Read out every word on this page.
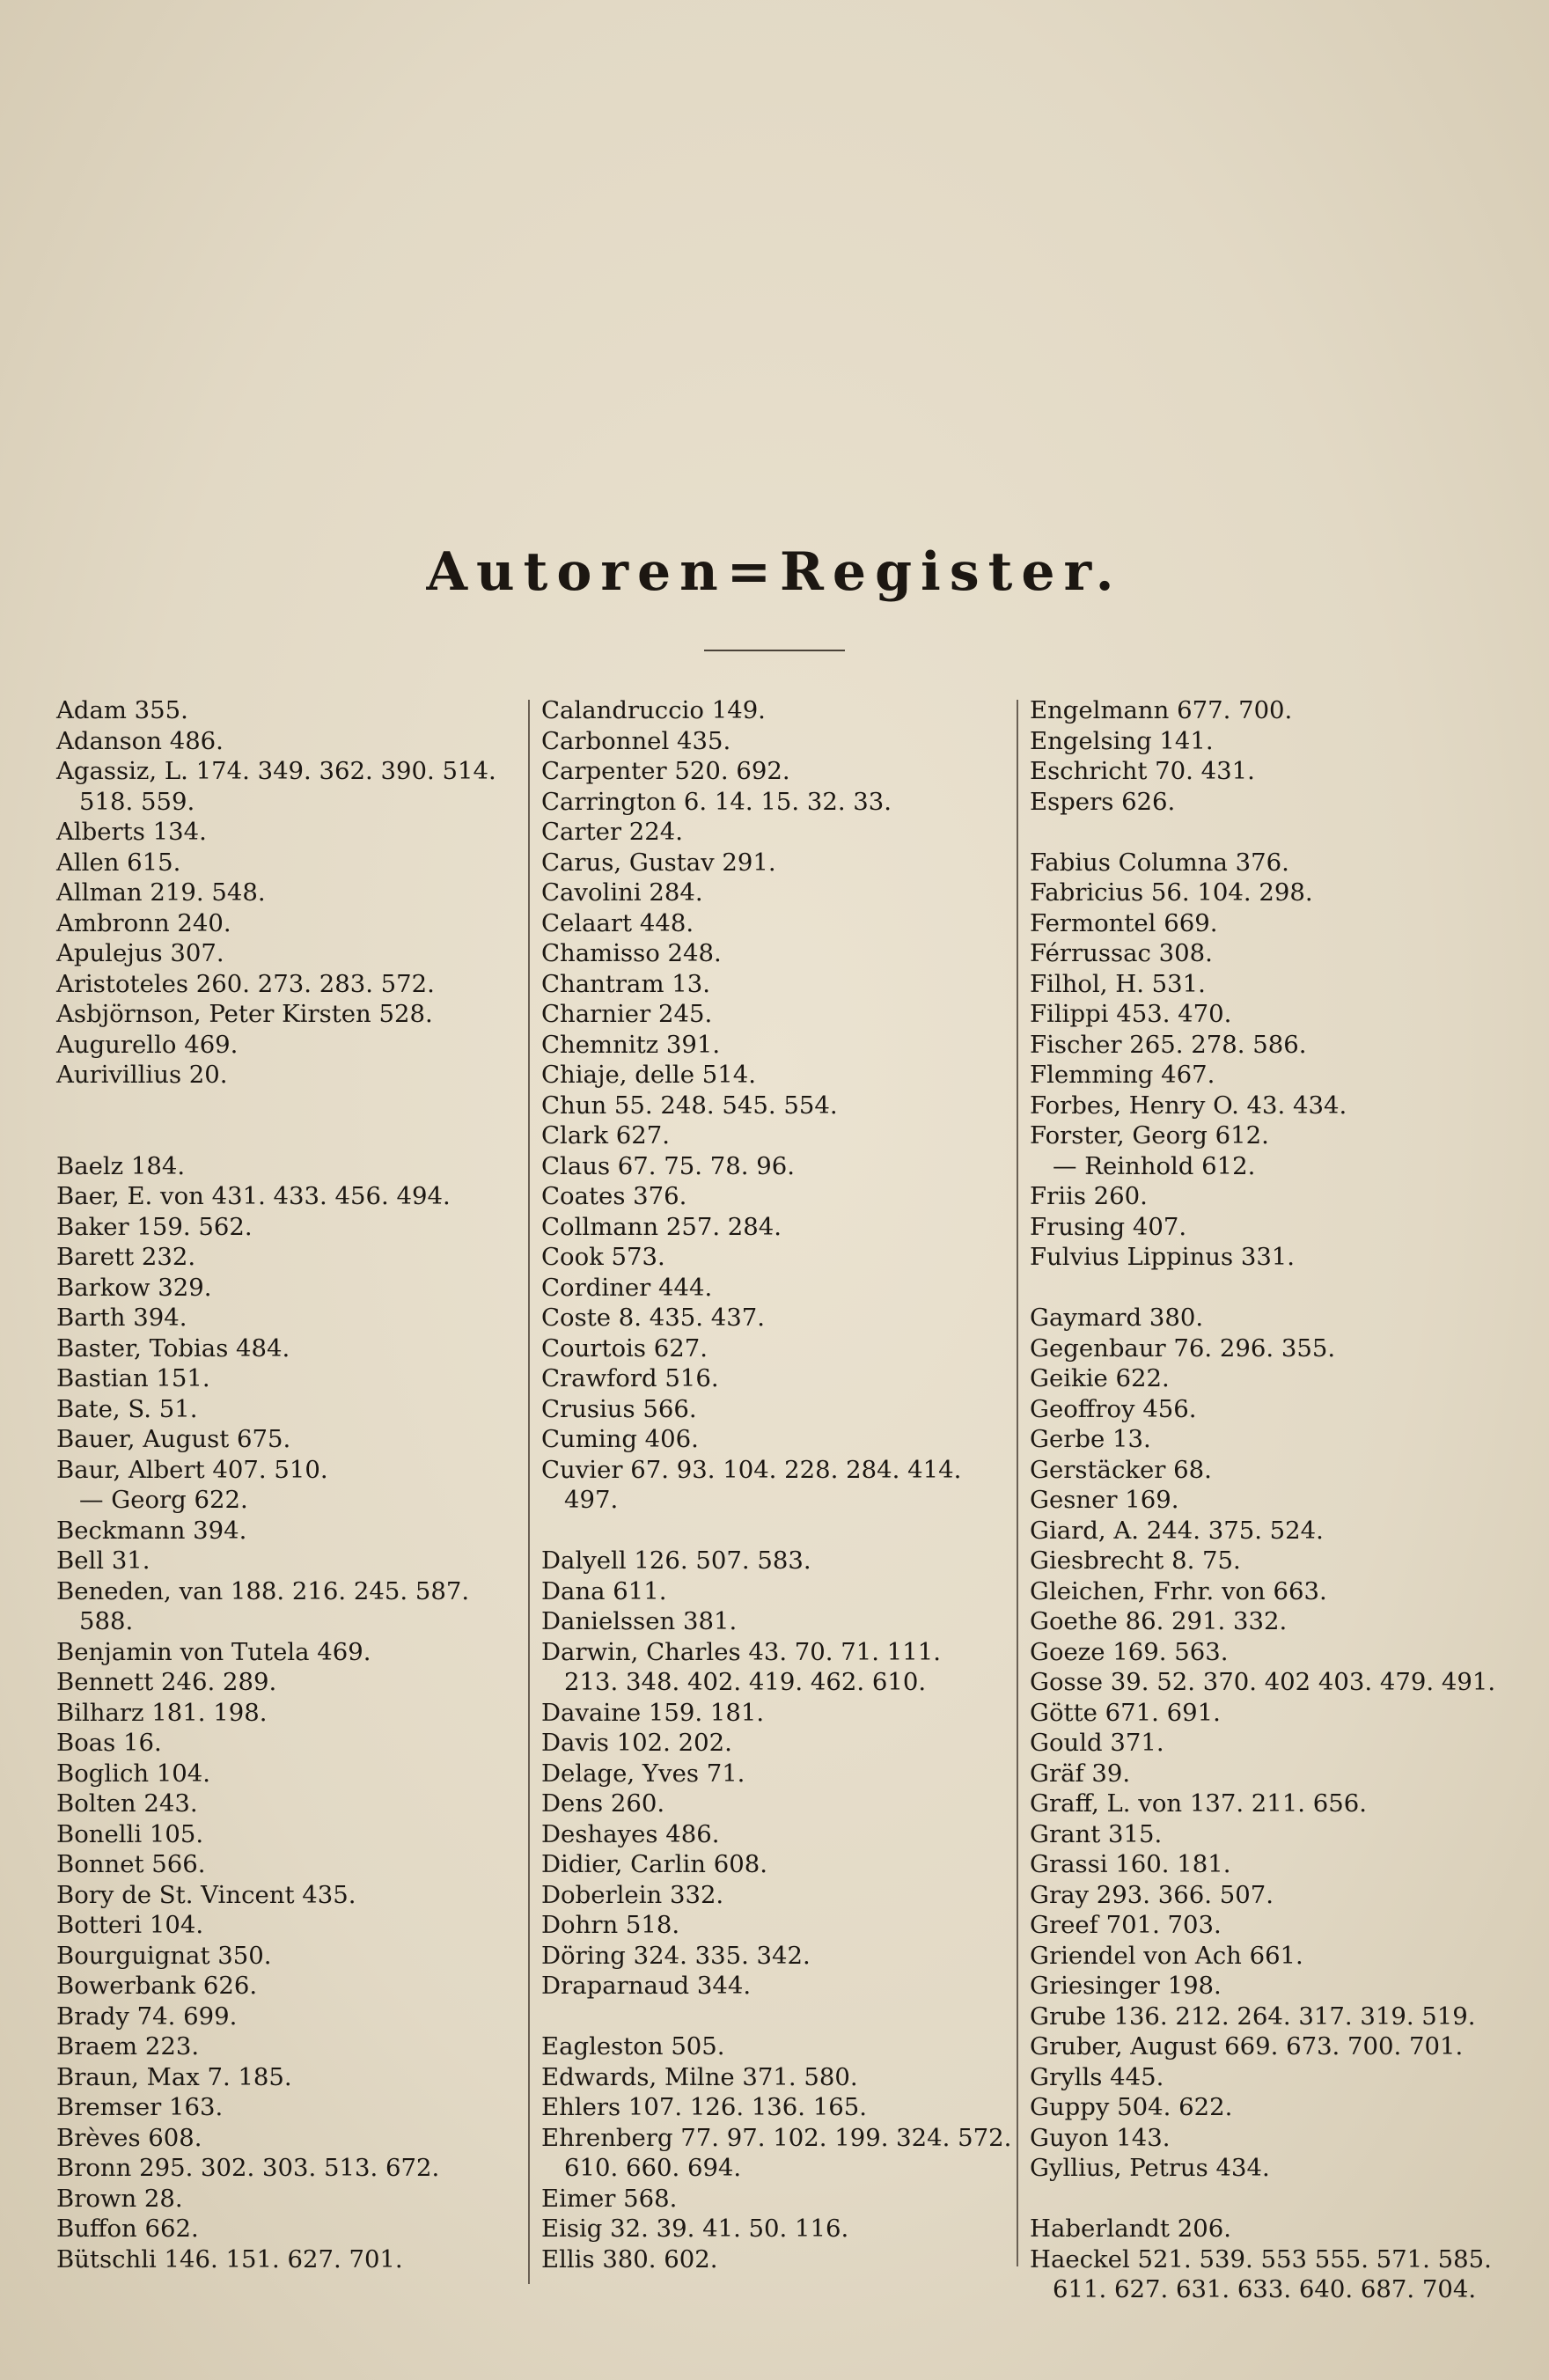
Autoren=Register.
Adam 355.
Adanson 486.
Agassiz, L. 174. 349. 362. 390. 514.
518. 559.
Alberts 134.
Allen 615.
Allman 219. 548.
Ambronn 240.
Apulejus 307.
Aristoteles 260. 273. 283. 572.
Asbjörnson, Peter Kirsten 528.
Augurello 469.
Aurivillius 20.
Baelz 184.
Baer, E. von 431. 433. 456. 494.
Baker 159. 562.
Barett 232.
Barkow 329.
Barth 394.
Baster, Tobias 484.
Bastian 151.
Bate, S. 51.
Bauer, August 675.
Baur, Albert 407. 510.
— Georg 622.
Beckmann 394.
Bell 31.
Beneden, van 188. 216. 245. 587.
588.
Benjamin von Tutela 469.
Bennett 246. 289.
Bilharz 181. 198.
Boas 16.
Boglich 104.
Bolten 243.
Bonelli 105.
Bonnet 566.
Bory de St. Vincent 435.
Botteri 104.
Bourguignat 350.
Bowerbank 626.
Brady 74. 699.
Braem 223.
Braun, Max 7. 185.
Bremser 163.
Brèves 608.
Bronn 295. 302. 303. 513. 672.
Brown 28.
Buffon 662.
Bütschli 146. 151. 627. 701.
Calandruccio 149.
Carbonnel 435.
Carpenter 520. 692.
Carrington 6. 14. 15. 32. 33.
Carter 224.
Carus, Gustav 291.
Cavolini 284.
Celaart 448.
Chamisso 248.
Chantram 13.
Charnier 245.
Chemnitz 391.
Chiaje, delle 514.
Chun 55. 248. 545. 554.
Clark 627.
Claus 67. 75. 78. 96.
Coates 376.
Collmann 257. 284.
Cook 573.
Cordiner 444.
Coste 8. 435. 437.
Courtois 627.
Crawford 516.
Crusius 566.
Cuming 406.
Cuvier 67. 93. 104. 228. 284. 414.
497.
Dalyell 126. 507. 583.
Dana 611.
Danielssen 381.
Darwin, Charles 43. 70. 71. 111.
213. 348. 402. 419. 462. 610.
Davaine 159. 181.
Davis 102. 202.
Delage, Yves 71.
Dens 260.
Deshayes 486.
Didier, Carlin 608.
Doberlein 332.
Dohrn 518.
Döring 324. 335. 342.
Draparnaud 344.
Eagleston 505.
Edwards, Milne 371. 580.
Ehlers 107. 126. 136. 165.
Ehrenberg 77. 97. 102. 199. 324. 572.
610. 660. 694.
Eimer 568.
Eisig 32. 39. 41. 50. 116.
Ellis 380. 602.
Engelmann 677. 700.
Engelsing 141.
Eschricht 70. 431.
Espers 626.
Fabius Columna 376.
Fabricius 56. 104. 298.
Fermontel 669.
Férrussac 308.
Filhol, H. 531.
Filippi 453. 470.
Fischer 265. 278. 586.
Flemming 467.
Forbes, Henry O. 43. 434.
Forster, Georg 612.
— Reinhold 612.
Friis 260.
Frusing 407.
Fulvius Lippinus 331.
Gaymard 380.
Gegenbaur 76. 296. 355.
Geikie 622.
Geoffroy 456.
Gerbe 13.
Gerstäcker 68.
Gesner 169.
Giard, A. 244. 375. 524.
Giesbrecht 8. 75.
Gleichen, Frhr. von 663.
Goethe 86. 291. 332.
Goeze 169. 563.
Gosse 39. 52. 370. 402 403. 479. 491.
Götte 671. 691.
Gould 371.
Gräf 39.
Graff, L. von 137. 211. 656.
Grant 315.
Grassi 160. 181.
Gray 293. 366. 507.
Greef 701. 703.
Griendel von Ach 661.
Griesinger 198.
Grube 136. 212. 264. 317. 319. 519.
Gruber, August 669. 673. 700. 701.
Grylls 445.
Guppy 504. 622.
Guyon 143.
Gyllius, Petrus 434.
Haberlandt 206.
Haeckel 521. 539. 553 555. 571. 585.
611. 627. 631. 633. 640. 687. 704.
